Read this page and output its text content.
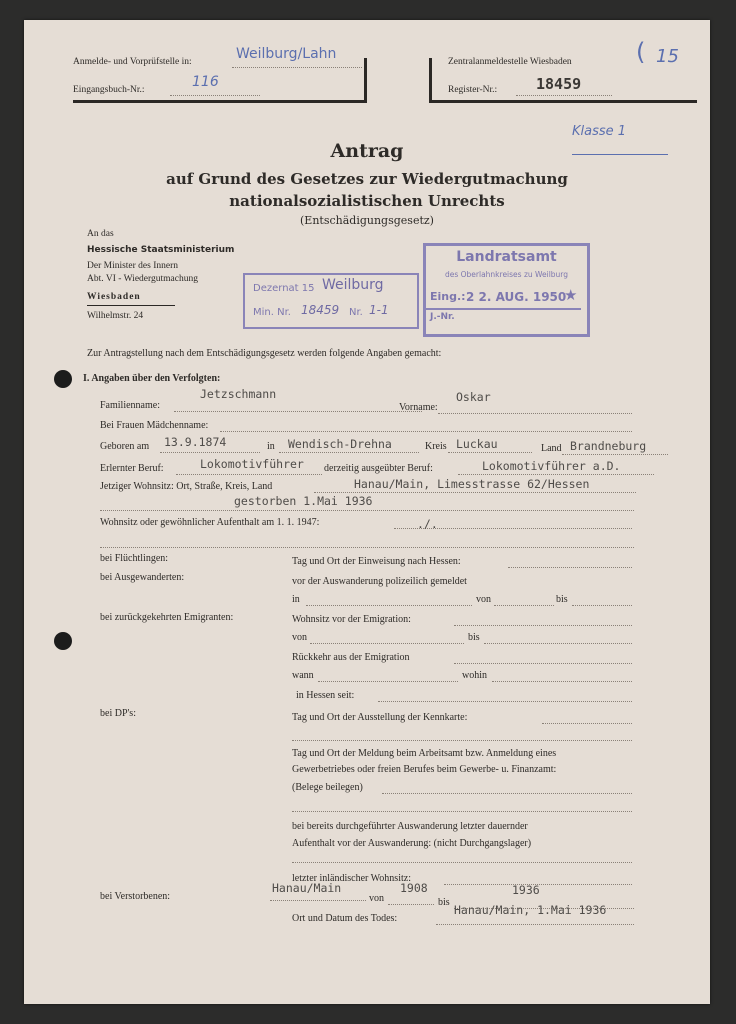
Anmelde- und Vorprüfstelle in:	Weilburg/Lahn
Eingangsbuch-Nr.:	116
Zentralanmeldestelle Wiesbaden
Register-Nr.:	18459
( 15
Klasse 1
Antrag
auf Grund des Gesetzes zur Wiedergutmachung
nationalsozialistischen Unrechts
(Entschädigungsgesetz)
An das
Hessische Staatsministerium
Der Minister des Innern
Abt. VI - Wiedergutmachung
Wiesbaden
Wilhelmstr. 24
Dezernat 15 Weilburg
Min. Nr. 18459 Nr. 1-1
Landratsamt
des Oberlahnkreises zu Weilburg
Eing.: 2 2. AUG. 1950
★
J.-Nr.
Zur Antragstellung nach dem Entschädigungsgesetz werden folgende Angaben gemacht:
I. Angaben über den Verfolgten:
Familienname:
Jetzschmann
Vorname:
Oskar
Bei Frauen Mädchenname:
Geboren am 13.9.1874	in Wendisch-Drehna	Kreis Luckau	Land Brandneburg
Erlernter Beruf:	Lokomotivführer derzeitig ausgeübter Beruf:	Lokomotivführer a.D.
Jetziger Wohnsitz: Ort, Straße, Kreis, Land	Hanau/Main, Limesstrasse 62/Hessen
gestorben 1.Mai 1936
Wohnsitz oder gewöhnlicher Aufenthalt am 1. 1. 1947:	./.
bei Flüchtlingen:	Tag und Ort der Einweisung nach Hessen:
bei Ausgewanderten:	vor der Auswanderung polizeilich gemeldet
in	von	bis
bei zurückgekehrten Emigranten:	Wohnsitz vor der Emigration:
von	bis
Rückkehr aus der Emigration
wann	wohin
in Hessen seit:
bei DP's:	Tag und Ort der Ausstellung der Kennkarte:
Tag und Ort der Meldung beim Arbeitsamt bzw. Anmeldung eines
Gewerbetriebes oder freien Berufes beim Gewerbe- u. Finanzamt:
(Belege beilegen)
bei bereits durchgeführter Auswanderung letzter dauernder
Aufenthalt vor der Auswanderung: (nicht Durchgangslager)
letzter inländischer Wohnsitz:
bei Verstorbenen:
Hanau/Main
von
1908
bis
1936
Ort und Datum des Todes:
Hanau/Main, 1.Mai 1936
